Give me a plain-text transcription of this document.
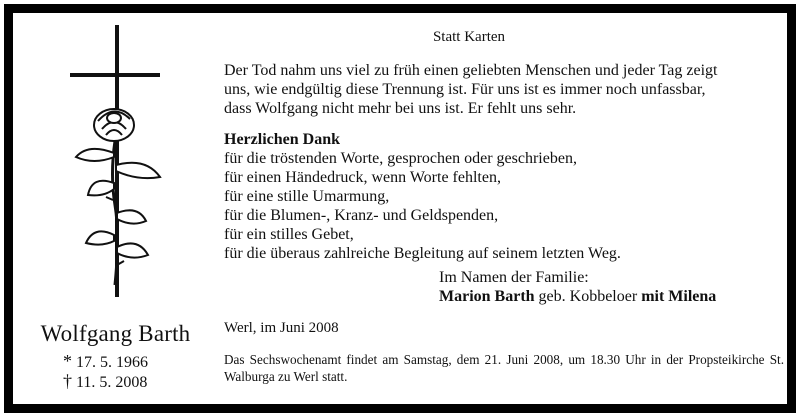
Wolfgang Barth
* 17. 5. 1966
† 11. 5. 2008
Statt Karten
Der Tod nahm uns viel zu früh einen geliebten Menschen und jeder Tag zeigt
uns, wie endgültig diese Trennung ist. Für uns ist es immer noch unfassbar,
dass Wolfgang nicht mehr bei uns ist. Er fehlt uns sehr.
Herzlichen Dank
für die tröstenden Worte, gesprochen oder geschrieben,
für einen Händedruck, wenn Worte fehlten,
für eine stille Umarmung,
für die Blumen-, Kranz- und Geldspenden,
für ein stilles Gebet,
für die überaus zahlreiche Begleitung auf seinem letzten Weg.
Im Namen der Familie:
Marion Barth geb. Kobbeloer mit Milena
Werl, im Juni 2008
Das Sechswochenamt findet am Samstag, dem 21. Juni 2008, um 18.30 Uhr in der Propsteikirche St. Walburga zu Werl statt.
